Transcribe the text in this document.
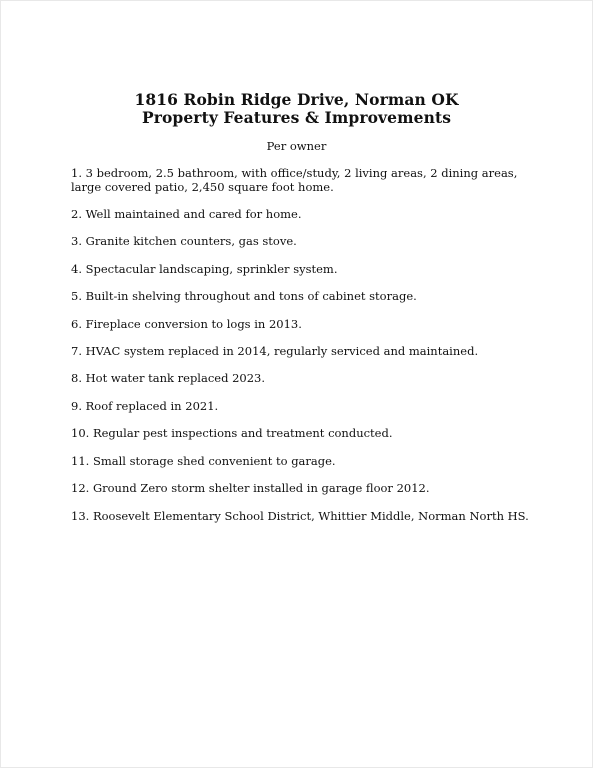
1816 Robin Ridge Drive, Norman OK
Property Features & Improvements

Per owner

1. 3 bedroom, 2.5 bathroom, with office/study, 2 living areas, 2 dining areas, large covered patio, 2,450 square foot home.
2. Well maintained and cared for home.
3. Granite kitchen counters, gas stove.
4. Spectacular landscaping, sprinkler system.
5. Built-in shelving throughout and tons of cabinet storage.
6. Fireplace conversion to logs in 2013.
7. HVAC system replaced in 2014, regularly serviced and maintained.
8. Hot water tank replaced 2023.
9. Roof replaced in 2021.
10. Regular pest inspections and treatment conducted.
11. Small storage shed convenient to garage.
12. Ground Zero storm shelter installed in garage floor 2012.
13. Roosevelt Elementary School District, Whittier Middle, Norman North HS.
